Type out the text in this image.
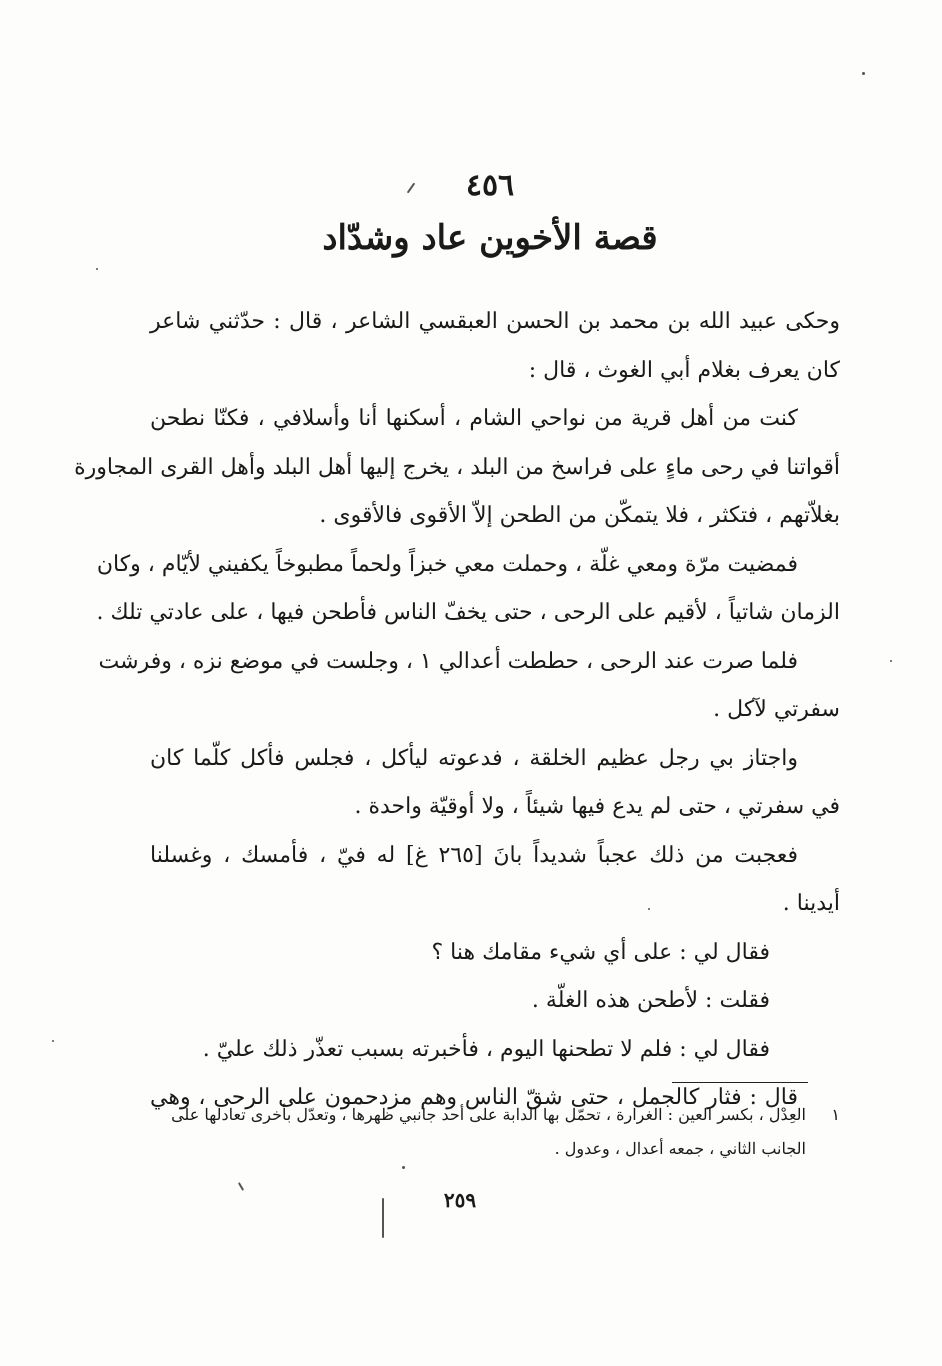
٤٥٦
قصة الأخوين عاد وشدّاد
وحكى عبيد الله بن محمد بن الحسن العبقسي الشاعر ، قال : حدّثني شاعر
كان يعرف بغلام أبي الغوث ، قال :
كنت من أهل قرية من نواحي الشام ، أسكنها أنا وأسلافي ، فكنّا نطحن
أقواتنا في رحى ماءٍ على فراسخ من البلد ، يخرج إليها أهل البلد وأهل القرى المجاورة
بغلاّتهم ، فتكثر ، فلا يتمكّن من الطحن إلاّ الأقوى فالأقوى .
فمضيت مرّة ومعي غلّة ، وحملت معي خبزاً ولحماً مطبوخاً يكفيني لأيّام ، وكان
الزمان شاتياً ، لأقيم على الرحى ، حتى يخفّ الناس فأطحن فيها ، على عادتي تلك .
فلما صرت عند الرحى ، حططت أعدالي ١ ، وجلست في موضع نزه ، وفرشت
سفرتي لآكل .
واجتاز بي رجل عظيم الخلقة ، فدعوته ليأكل ، فجلس فأكل كلّما كان
في سفرتي ، حتى لم يدع فيها شيئاً ، ولا أوقيّة واحدة .
فعجبت من ذلك عجباً شديداً بانَ [٢٦٥ غ] له فيّ ، فأمسك ، وغسلنا
أيدينا .
فقال لي : على أي شيء مقامك هنا ؟
فقلت : لأطحن هذه الغلّة .
فقال لي : فلم لا تطحنها اليوم ، فأخبرته بسبب تعذّر ذلك عليّ .
قال : فثار كالجمل ، حتى شقّ الناس وهم مزدحمون على الرحى ، وهي
١العِدْل ، بكسر العين : الغرارة ، تحمّل بها الدابة على أحد جانبي ظهرها ، وتعدّل بأخرى تعادلها على
الجانب الثاني ، جمعه أعدال ، وعدول .
٢٥٩
